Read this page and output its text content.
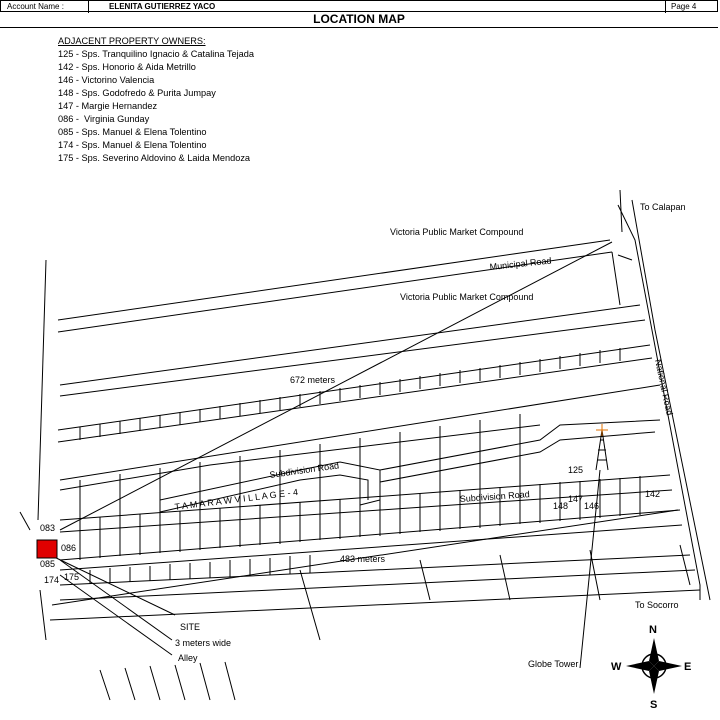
Account Name :	ELENITA GUTIERREZ YACO	Page 4
LOCATION MAP
ADJACENT PROPERTY OWNERS:
125 - Sps. Tranquilino Ignacio & Catalina Tejada
142 - Sps. Honorio & Aida Metrillo
146 - Victorino Valencia
148 - Sps. Godofredo & Purita Jumpay
147 - Margie Hernandez
086 -  Virginia Gunday
085 - Sps. Manuel & Elena Tolentino
174 - Sps. Manuel & Elena Tolentino
175 - Sps. Severino Aldovino & Laida Mendoza
To Calapan
Victoria Public Market Compound
Victoria Public Market Compound
Municipal Road
National Road
672 meters
Subdivision Road
Subdivision Road
T A M A R A W V I L L A G E - 4
483 meters
To Socorro
SITE
3 meters wide
Alley
Globe Tower
083
086
085
174 175
125
142
148
147
146
N
S
E
W
